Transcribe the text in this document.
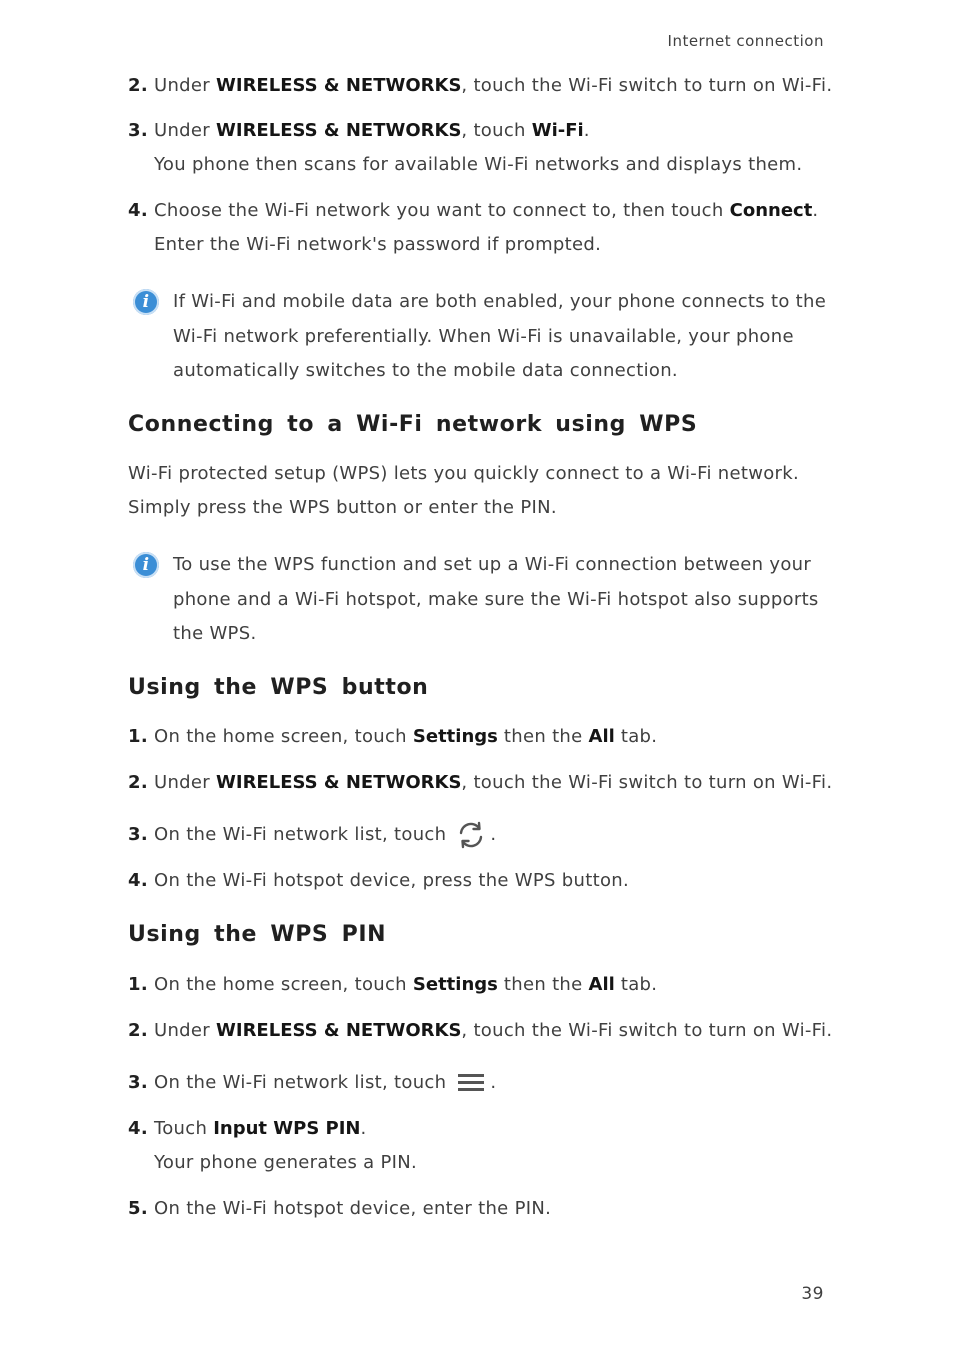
Internet connection
2. Under WIRELESS & NETWORKS, touch the Wi-Fi switch to turn on Wi-Fi.
3. Under WIRELESS & NETWORKS, touch Wi-Fi.
You phone then scans for available Wi-Fi networks and displays them.
4. Choose the Wi-Fi network you want to connect to, then touch Connect.
Enter the Wi-Fi network's password if prompted.
i
If Wi-Fi and mobile data are both enabled, your phone connects to the
Wi-Fi network preferentially. When Wi-Fi is unavailable, your phone
automatically switches to the mobile data connection.
Connecting to a Wi-Fi network using WPS
Wi-Fi protected setup (WPS) lets you quickly connect to a Wi-Fi network.
Simply press the WPS button or enter the PIN.
i
To use the WPS function and set up a Wi-Fi connection between your
phone and a Wi-Fi hotspot, make sure the Wi-Fi hotspot also supports
the WPS.
Using the WPS button
1. On the home screen, touch Settings then the All tab.
2. Under WIRELESS & NETWORKS, touch the Wi-Fi switch to turn on Wi-Fi.
3. On the Wi-Fi network list, touch .
4. On the Wi-Fi hotspot device, press the WPS button.
Using the WPS PIN
1. On the home screen, touch Settings then the All tab.
2. Under WIRELESS & NETWORKS, touch the Wi-Fi switch to turn on Wi-Fi.
3. On the Wi-Fi network list, touch .
4. Touch Input WPS PIN.
Your phone generates a PIN.
5. On the Wi-Fi hotspot device, enter the PIN.
39
